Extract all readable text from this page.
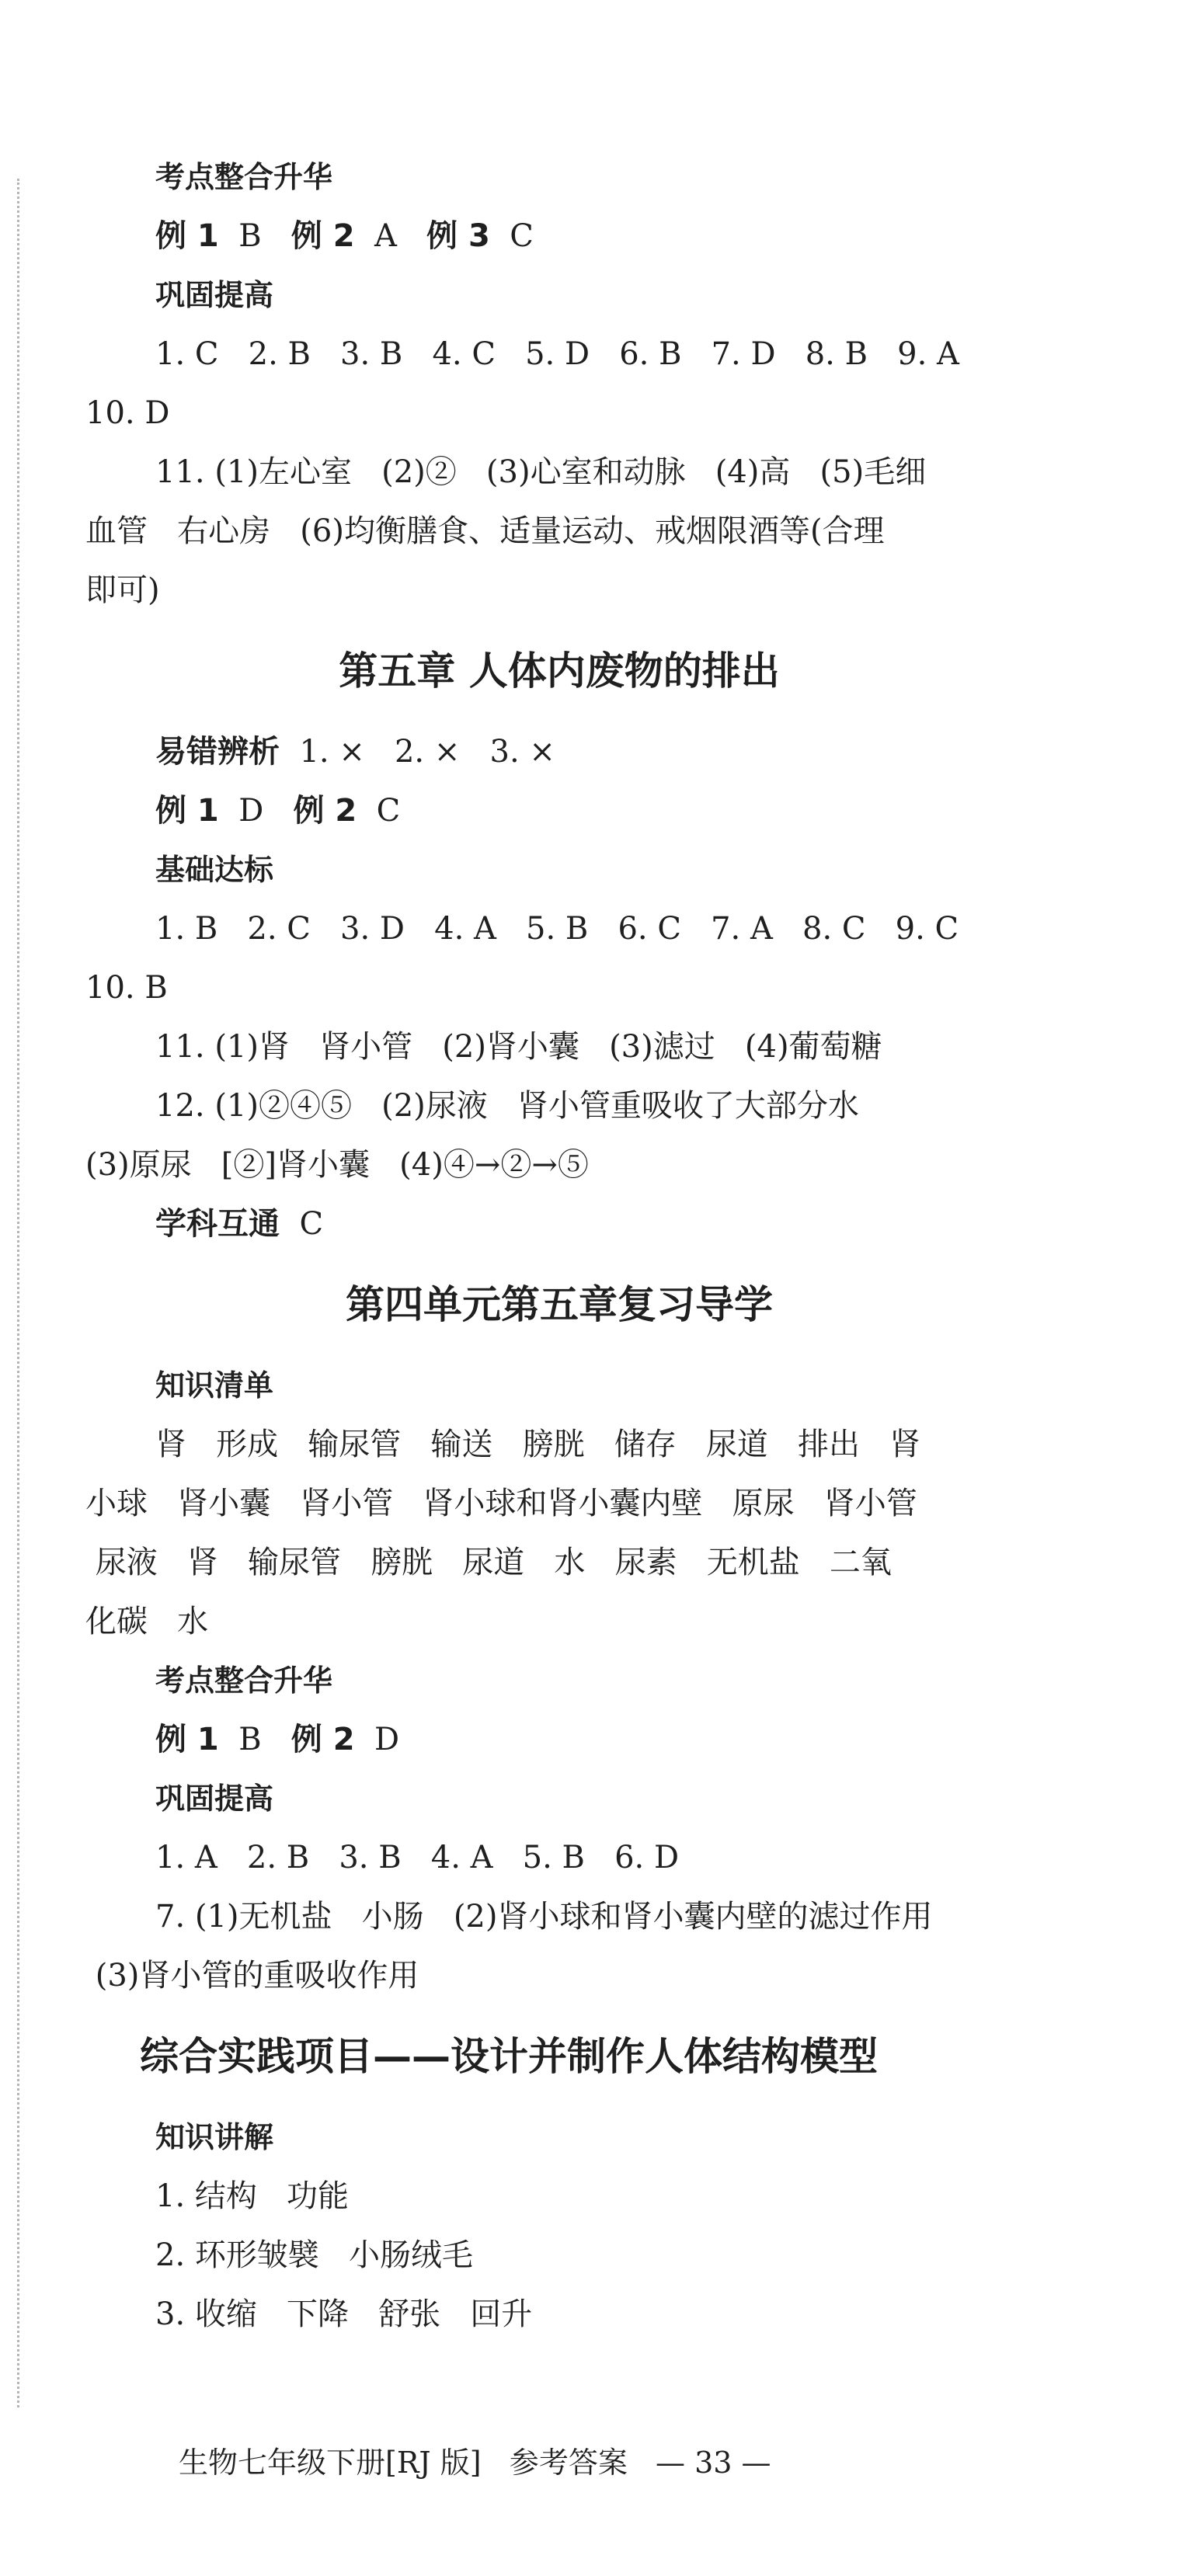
考点整合升华

例 1 B 例 2 A 例 3 C

巩固提高

1. C   2. B   3. B   4. C   5. D   6. B   7. D   8. B   9. A

10. D

11. (1)左心室   (2)②   (3)心室和动脉   (4)高   (5)毛细

血管   右心房   (6)均衡膳食、适量运动、戒烟限酒等(合理

即可)

第五章 人体内废物的排出

易错辨析 1. ×   2. ×   3. ×

例 1 D 例 2 C

基础达标

1. B   2. C   3. D   4. A   5. B   6. C   7. A   8. C   9. C

10. B

11. (1)肾   肾小管   (2)肾小囊   (3)滤过   (4)葡萄糖

12. (1)②④⑤   (2)尿液   肾小管重吸收了大部分水

(3)原尿   [②]肾小囊   (4)④→②→⑤

学科互通 C

第四单元第五章复习导学

知识清单

肾   形成   输尿管   输送   膀胱   储存   尿道   排出   肾

小球   肾小囊   肾小管   肾小球和肾小囊内壁   原尿   肾小管

尿液   肾   输尿管   膀胱   尿道   水   尿素   无机盐   二氧

化碳   水

考点整合升华

例 1 B 例 2 D

巩固提高

1. A   2. B   3. B   4. A   5. B   6. D

7. (1)无机盐   小肠   (2)肾小球和肾小囊内壁的滤过作用

(3)肾小管的重吸收作用

综合实践项目——设计并制作人体结构模型

知识讲解

1. 结构   功能

2. 环形皱襞   小肠绒毛

3. 收缩   下降   舒张   回升

生物七年级下册[RJ 版]   参考答案   — 33 —
